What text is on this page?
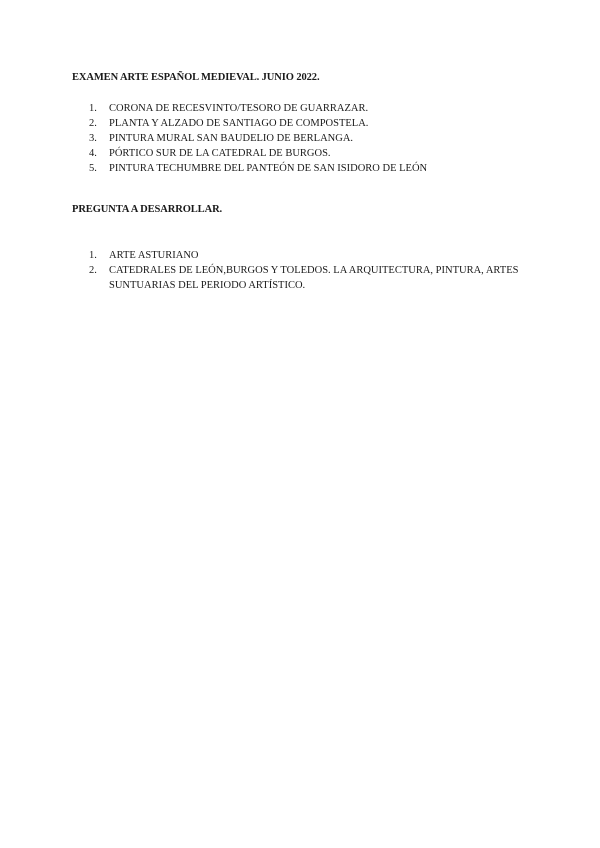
EXAMEN ARTE ESPAÑOL MEDIEVAL. JUNIO 2022.
1.	CORONA DE RECESVINTO/TESORO DE GUARRAZAR.
2.	PLANTA Y ALZADO DE SANTIAGO DE COMPOSTELA.
3.	PINTURA MURAL SAN BAUDELIO DE BERLANGA.
4.	PÓRTICO SUR DE LA CATEDRAL DE BURGOS.
5.	PINTURA TECHUMBRE DEL PANTEÓN DE SAN ISIDORO DE LEÓN
PREGUNTA A DESARROLLAR.
1.	ARTE ASTURIANO
2.	CATEDRALES DE LEÓN,BURGOS Y TOLEDOS. LA ARQUITECTURA, PINTURA, ARTES SUNTUARIAS DEL PERIODO ARTÍSTICO.
